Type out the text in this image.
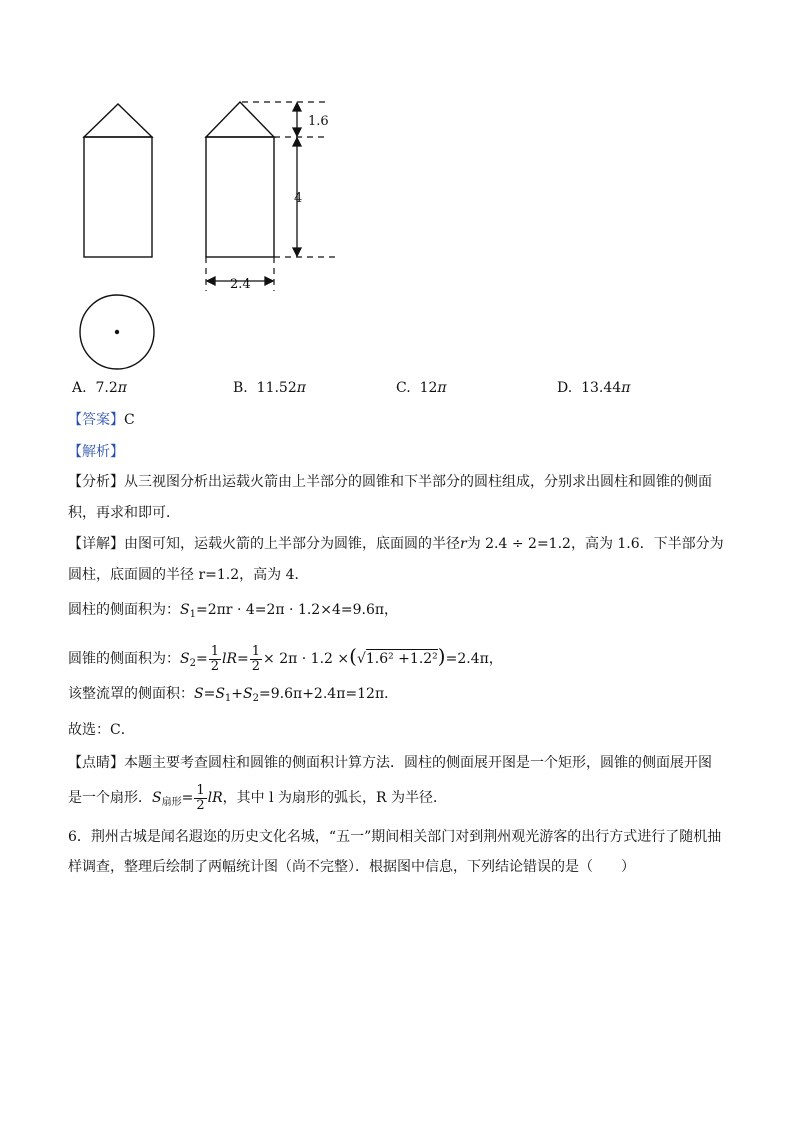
1.6
4
2.4
A. 7.2π	B. 11.52π	C. 12π	D. 13.44π
【答案】C
【解析】
【分析】从三视图分析出运载火箭由上半部分的圆锥和下半部分的圆柱组成，分别求出圆柱和圆锥的侧面
积，再求和即可．
【详解】由图可知，运载火箭的上半部分为圆锥，底面圆的半径r为 2.4 ÷ 2=1.2，高为 1.6．下半部分为
圆柱，底面圆的半径 r=1.2，高为 4．
圆柱的侧面积为：$S_1=2\pi r \cdot 4=2\pi \cdot 1.2\times 4=9.6\pi$，
圆锥的侧面积为：$S_2= \frac{1}{2} lR= \frac{1}{2} \times 2\pi \cdot 1.2 \times(√1.6^2 +1.2^2)=2.4\pi$，
该整流罩的侧面积：$S=S_1+S_2=9.6\pi+2.4\pi=12\pi$．
故选：C．
【点睛】本题主要考查圆柱和圆锥的侧面积计算方法．圆柱的侧面展开图是一个矩形，圆锥的侧面展开图
是一个扇形．$S_{扇形}= \frac{1}{2}$ lR，其中 l 为扇形的弧长，R 为半径．
6．荆州古城是闻名遐迩的历史文化名城，“五一”期间相关部门对到荆州观光游客的出行方式进行了随机抽
样调查，整理后绘制了两幅统计图（尚不完整）．根据图中信息，下列结论错误的是（　　）
